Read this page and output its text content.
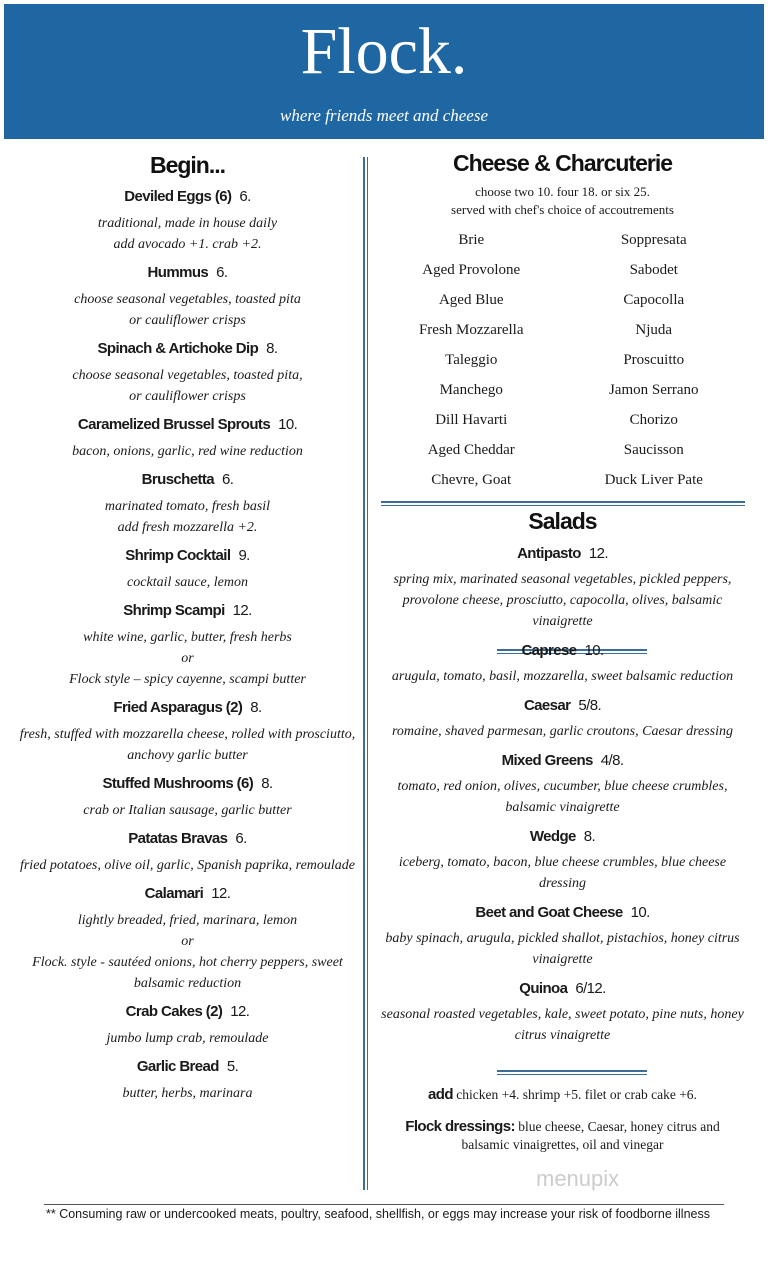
Flock.
where friends meet and cheese
Begin...
Deviled Eggs (6) 6.
traditional, made in house daily
add avocado +1. crab +2.
Hummus 6.
choose seasonal vegetables, toasted pita
or cauliflower crisps
Spinach & Artichoke Dip 8.
choose seasonal vegetables, toasted pita,
or cauliflower crisps
Caramelized Brussel Sprouts 10.
bacon, onions, garlic, red wine reduction
Bruschetta 6.
marinated tomato, fresh basil
add fresh mozzarella +2.
Shrimp Cocktail 9.
cocktail sauce, lemon
Shrimp Scampi 12.
white wine, garlic, butter, fresh herbs
or
Flock style – spicy cayenne, scampi butter
Fried Asparagus (2) 8.
fresh, stuffed with mozzarella cheese, rolled with prosciutto,
anchovy garlic butter
Stuffed Mushrooms (6) 8.
crab or Italian sausage, garlic butter
Patatas Bravas 6.
fried potatoes, olive oil, garlic, Spanish paprika, remoulade
Calamari 12.
lightly breaded, fried, marinara, lemon
or
Flock. style - sautéed onions, hot cherry peppers, sweet
balsamic reduction
Crab Cakes (2) 12.
jumbo lump crab, remoulade
Garlic Bread 5.
butter, herbs, marinara
Cheese & Charcuterie
choose two 10. four 18. or six 25.
served with chef's choice of accoutrements
Brie	Soppresata
Aged Provolone	Sabodet
Aged Blue	Capocolla
Fresh Mozzarella	Njuda
Taleggio	Proscuitto
Manchego	Jamon Serrano
Dill Havarti	Chorizo
Aged Cheddar	Saucisson
Chevre, Goat	Duck Liver Pate
Salads
Antipasto 12.
spring mix, marinated seasonal vegetables, pickled peppers,
provolone cheese, prosciutto, capocolla, olives, balsamic
vinaigrette
Caprese 10.
arugula, tomato, basil, mozzarella, sweet balsamic reduction
Caesar 5/8.
romaine, shaved parmesan, garlic croutons, Caesar dressing
Mixed Greens 4/8.
tomato, red onion, olives, cucumber, blue cheese crumbles,
balsamic vinaigrette
Wedge 8.
iceberg, tomato, bacon, blue cheese crumbles, blue cheese
dressing
Beet and Goat Cheese 10.
baby spinach, arugula, pickled shallot, pistachios, honey citrus
vinaigrette
Quinoa 6/12.
seasonal roasted vegetables, kale, sweet potato, pine nuts, honey
citrus vinaigrette
add chicken +4. shrimp +5. filet or crab cake +6.
Flock dressings: blue cheese, Caesar, honey citrus and balsamic vinaigrettes, oil and vinegar
menupix
** Consuming raw or undercooked meats, poultry, seafood, shellfish, or eggs may increase your risk of foodborne illness
